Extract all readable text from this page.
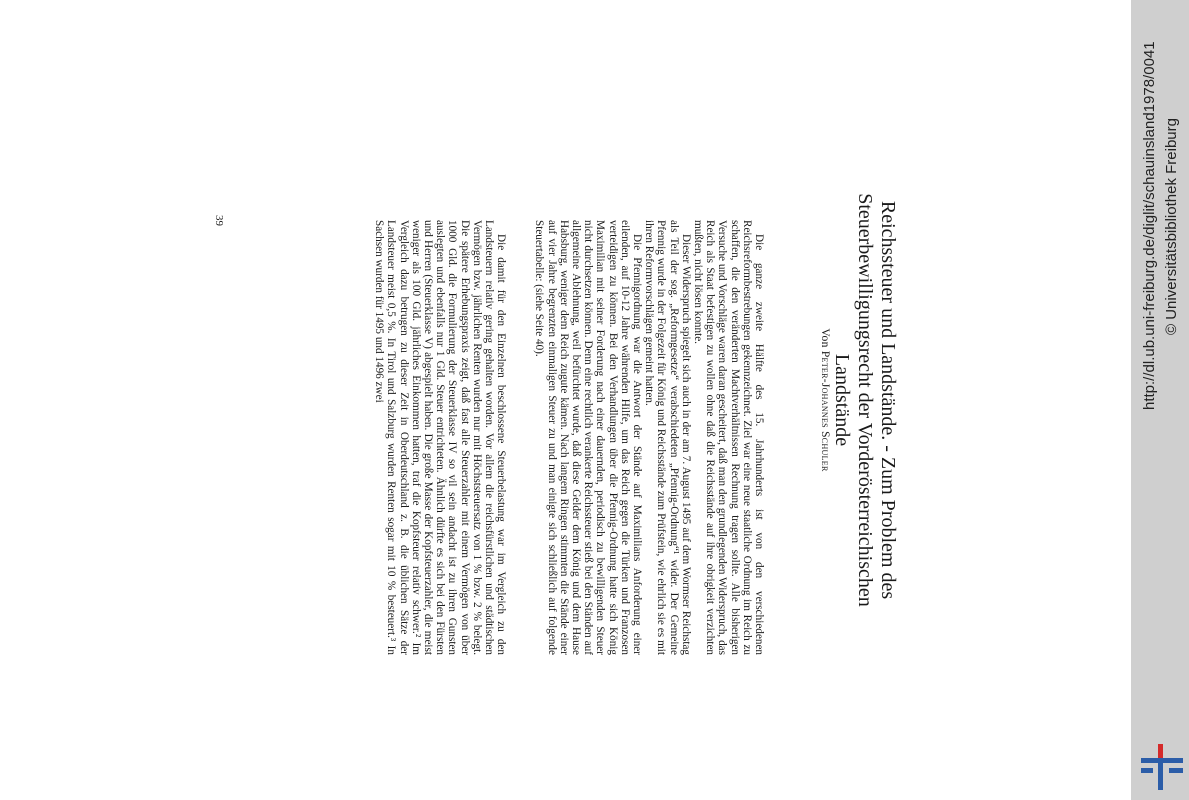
Reichssteuer und Landstände. - Zum Problem des
Steuerbewilligungsrecht der Vorderösterreichischen
Landstände
Von Peter-Johannes Schuler

Die ganze zweite Hälfte des 15. Jahrhunderts ist von den verschiedenen Reichsreformbestrebungen gekennzeichnet. Ziel war eine neue staatliche Ordnung im Reich zu schaffen, die den veränderten Machtverhältnissen Rechnung tragen sollte. Alle bisherigen Versuche und Vorschläge waren daran gescheitert, daß man den grundlegenden Widerspruch, das Reich als Staat befestigen zu wollen ohne daß die Reichsstände auf ihre obrigkeit verzichten mußten, nicht lösen konnte.

Dieser Widerspruch spiegelt sich auch in der am 7. August 1495 auf dem Wormser Reichstag als Teil der sog. „Reformgesetze“ verabschiedeten „Pfennig-Ordnung“¹ wider. Der Gemeine Pfennig wurde in der Folgezeit für König und Reichsstände zum Prüfstein, wie ehrlich sie es mit ihren Reformvorschlägen gemeint hatten.

Die Pfennigordnung war die Antwort der Stände auf Maximilians Anforderung einer eilenden, auf 10-12 Jahre währenden Hilfe, um das Reich gegen die Türken und Franzosen verteidigen zu können. Bei den Verhandlungen über die Pfennig-Ordnung hatte sich König Maximilian mit seiner Forderung nach einer dauernden, periodisch zu bewilligenden Steuer nicht durchsetzen können. Denn eine rechtlich verankerte Reichssteuer stieß bei den Ständen auf allgemeine Ablehnung, weil befürchtet wurde, daß diese Gelder dem König und dem Hause Habsburg, weniger dem Reich zugute kämen. Nach langem Ringen stimmten die Stände einer auf vier Jahre begrenzten einmaligen Steuer zu und man einigte sich schließlich auf folgende Steuertabelle: (siehe Seite 40).

Die damit für den Einzelnen beschlossene Steuerbelastung war im Vergleich zu den Landsteuern relativ gering gehalten worden. Vor allem die reichsfürstlichen und städtischen Vermögen bzw. jährlichen Renten wurden nur mit Höchststeuersatz von 1 % bzw. 2 % belegt. Die spätere Erhebungspraxis zeigt, daß fast alle Steuerzahler mit einem Vermögen von über 1000 Gld. die Formulierung der Steuerklasse IV so vil sein andacht ist zu ihren Gunsten auslegten und ebenfalls nur 1 Gld. Steuer entrichteten. Ähnlich dürfte es sich bei den Fürsten und Herren (Steuerklasse V) abgespielt haben. Die große Masse der Kopfsteuerzahler, die meist weniger als 100 Gld. jährliches Einkommen hatten, traf die Kopfsteuer relativ schwer.² Im Vergleich dazu betrugen zu dieser Zeit in Oberdeutschland z. B. die üblichen Sätze der Landsteuer meist 0,5 %. In Tirol und Salzburg wurden Renten sogar mit 10 % besteuert.³ In Sachsen wurden für 1495 und 1496 zwei

39	http://dl.ub.uni-freiburg.de/diglit/schauinsland1978/0041 © Universitätsbibliothek Freiburg
